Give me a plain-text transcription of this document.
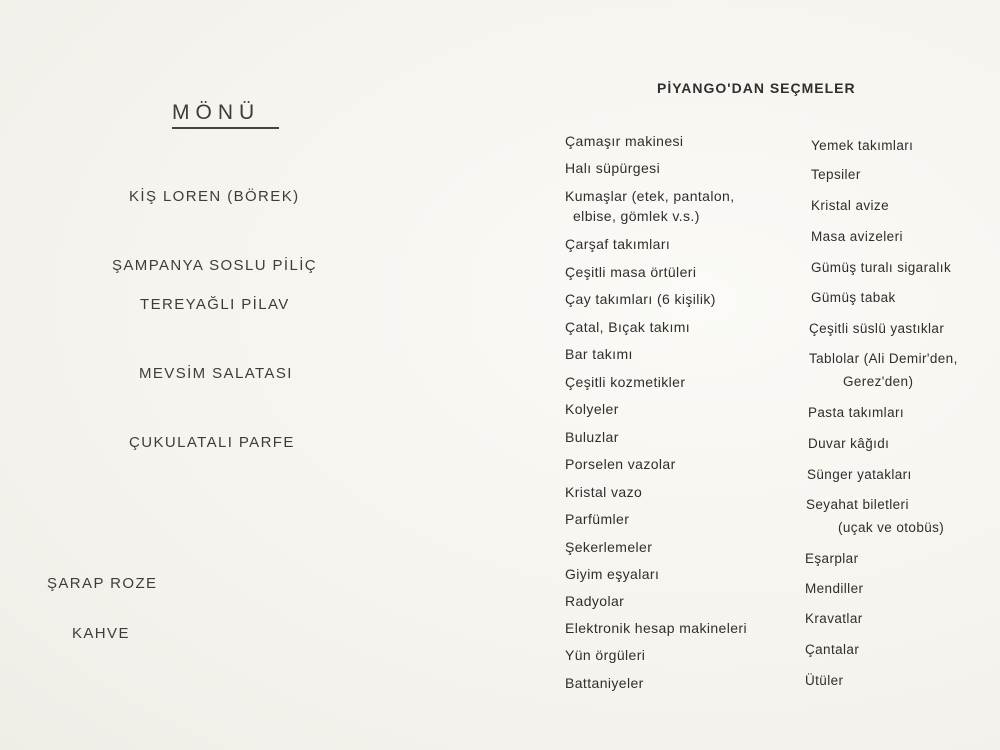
MÖNÜ
KİŞ LOREN (BÖREK)
ŞAMPANYA SOSLU PİLİÇ
TEREYAĞLI PİLAV
MEVSİM SALATASI
ÇUKULATALI PARFE
ŞARAP ROZE
KAHVE
PİYANGO'DAN SEÇMELER
Çamaşır makinesi
Halı süpürgesi
Kumaşlar (etek, pantalon,
elbise, gömlek v.s.)
Çarşaf takımları
Çeşitli masa örtüleri
Çay takımları (6 kişilik)
Çatal, Bıçak takımı
Bar takımı
Çeşitli kozmetikler
Kolyeler
Buluzlar
Porselen vazolar
Kristal vazo
Parfümler
Şekerlemeler
Giyim eşyaları
Radyolar
Elektronik hesap makineleri
Yün örgüleri
Battaniyeler
Yemek takımları
Tepsiler
Kristal avize
Masa avizeleri
Gümüş turalı sigaralık
Gümüş tabak
Çeşitli süslü yastıklar
Tablolar (Ali Demir'den,
Gerez'den)
Pasta takımları
Duvar kâğıdı
Sünger yatakları
Seyahat biletleri
(uçak ve otobüs)
Eşarplar
Mendiller
Kravatlar
Çantalar
Ütüler
